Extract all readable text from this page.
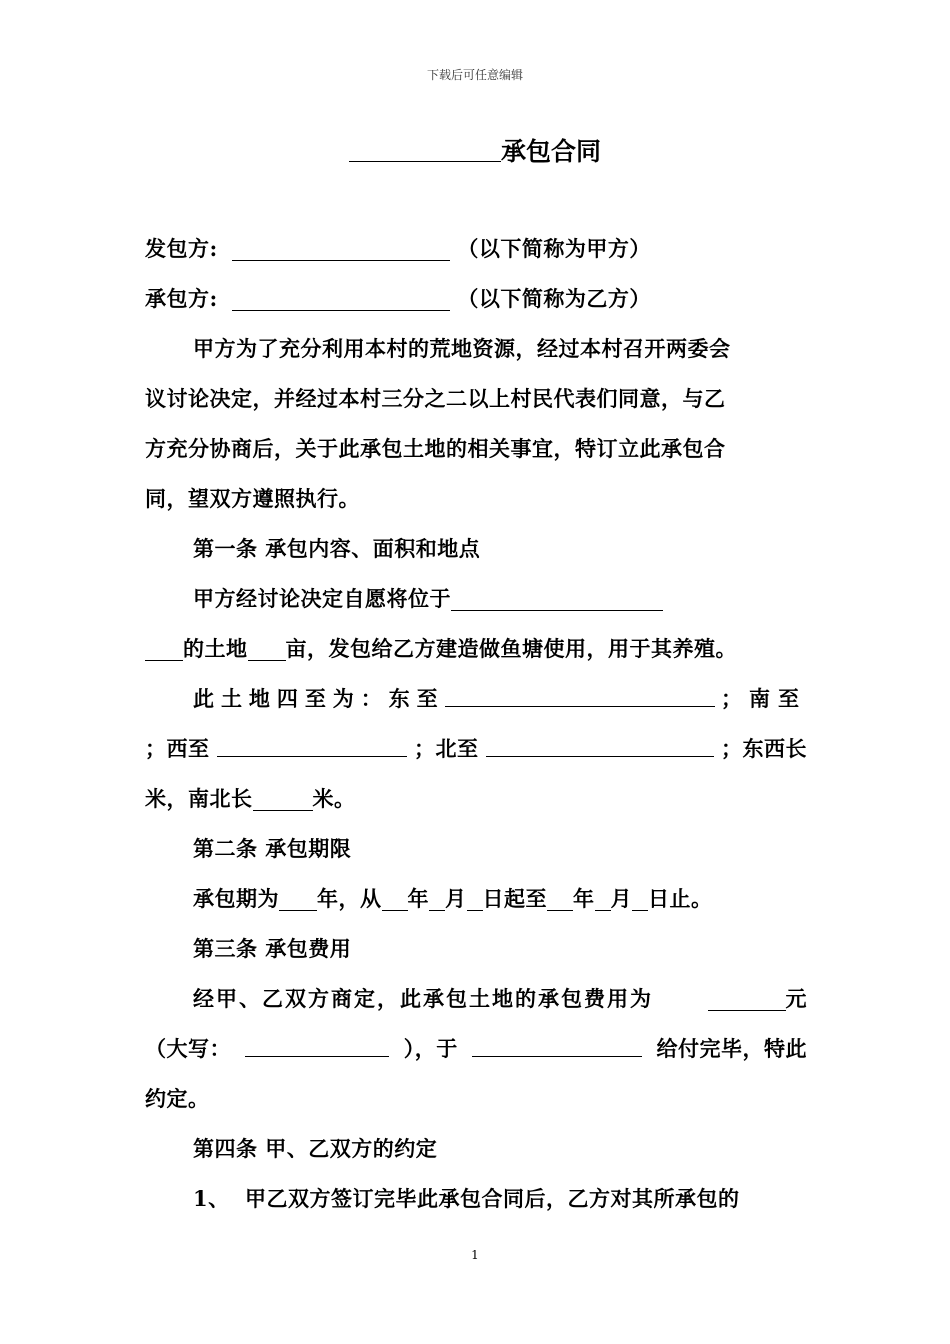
下载后可任意编辑
承包合同
发包方:	（以下简称为甲方）
承包方:	（以下简称为乙方）
甲方为了充分利用本村的荒地资源，经过本村召开两委会
议讨论决定，并经过本村三分之二以上村民代表们同意，与乙
方充分协商后，关于此承包土地的相关事宜，特订立此承包合
同，望双方遵照执行。
第一条 承包内容、面积和地点
甲方经讨论决定自愿将位于
的土地 亩，发包给乙方建造做鱼塘使用，用于其养殖。
此 土 地 四 至 为 ： 东 至	； 南至
；西至	；北至	；东西长
米，南北长	米。
第二条 承包期限
承包期为 年，从 年 月 日起至 年 月 日止。
第三条 承包费用
经甲、乙双方商定，此承包土地的承包费用为	元
（大写：	），于	给付完毕，特此
约定。
第四条 甲、乙双方的约定
1、 甲乙双方签订完毕此承包合同后，乙方对其所承包的
1
